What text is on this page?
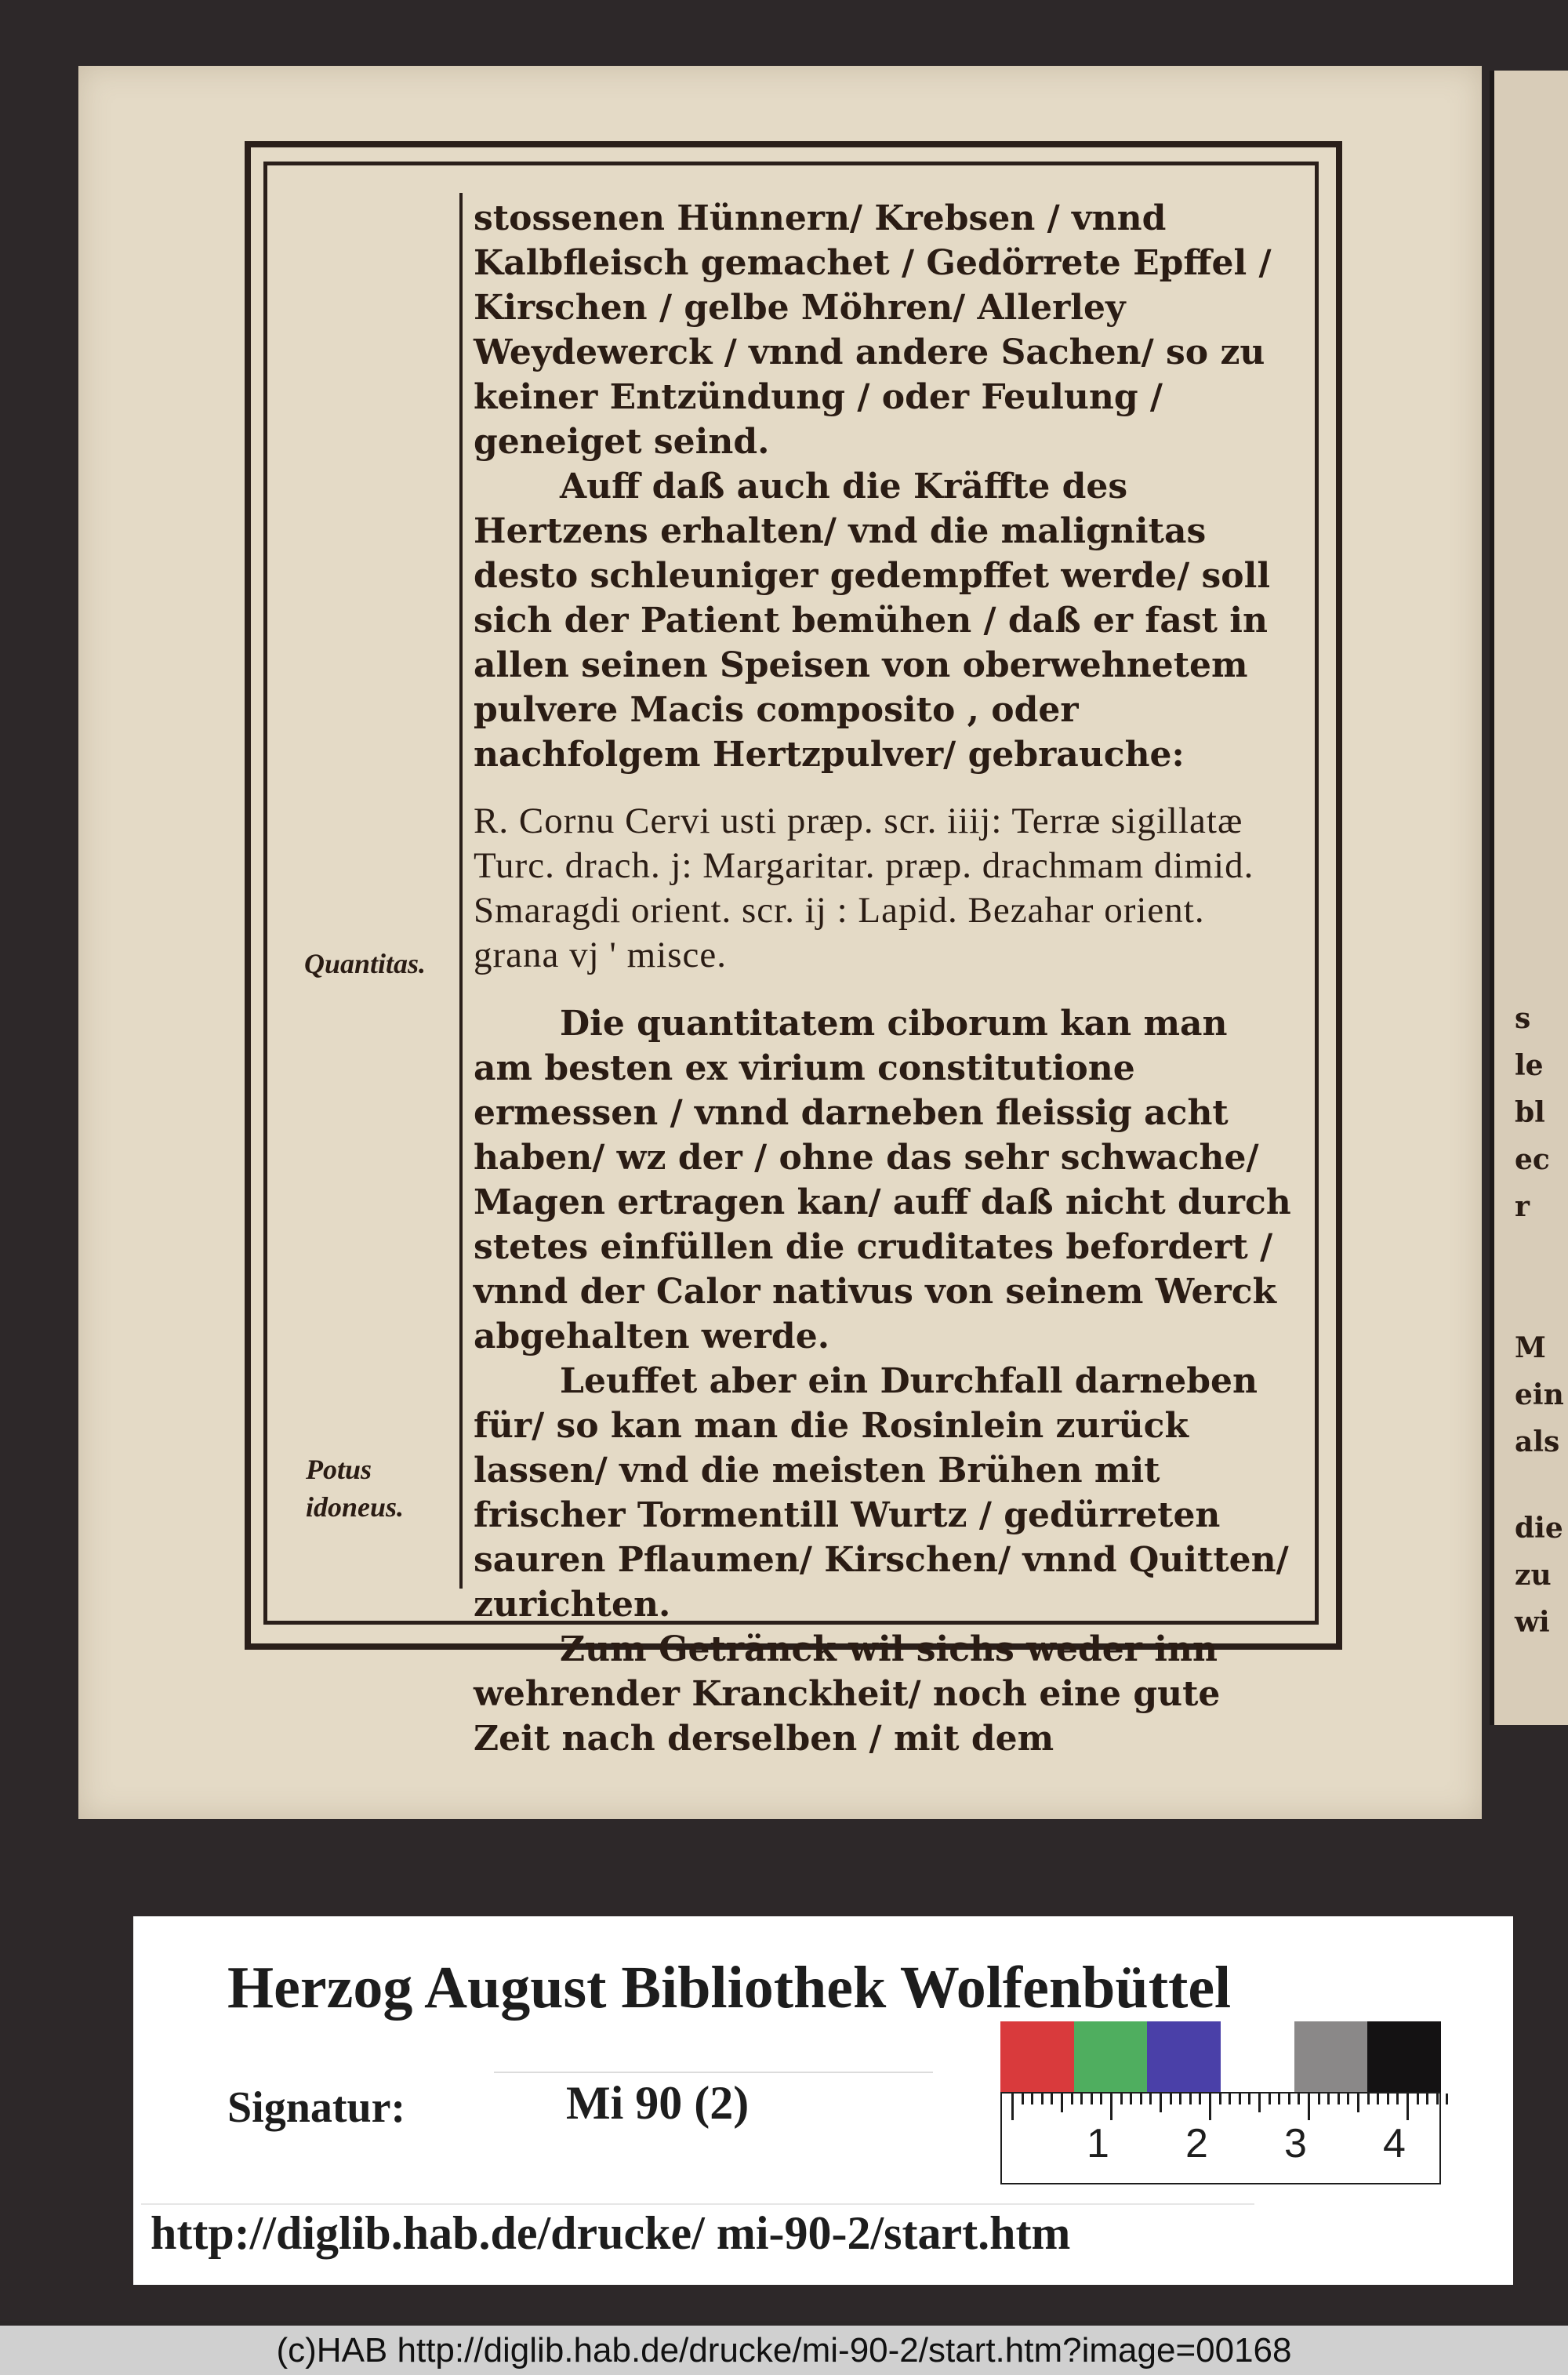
s
le
bl
ec
r
M
ein
als
die
zu
wi
Quantitas.
Potus idoneus.

stossenen Hünnern/ Krebsen / vnnd Kalbfleisch gemachet / Gedörrete Epffel / Kirschen / gelbe Möhren/ Allerley Weydewerck / vnnd andere Sachen/ so zu keiner Entzündung / oder Feulung / geneiget seind.

Auff daß auch die Kräffte des Hertzens erhalten/ vnd die malignitas desto schleuniger gedempffet werde/ soll sich der Patient bemühen / daß er fast in allen seinen Speisen von oberwehnetem pulvere Macis composito , oder nachfolgem Hertzpulver/ gebrauche:

R. Cornu Cervi usti præp. scr. iiij: Terræ sigillatæ Turc. drach. j: Margaritar. præp. drachmam dimid. Smaragdi orient. scr. ij : Lapid. Bezahar orient. grana vj ' misce.

Die quantitatem ciborum kan man am besten ex virium constitutione ermessen / vnnd darneben fleissig acht haben/ wz der / ohne das sehr schwache/ Magen ertragen kan/ auff daß nicht durch stetes einfüllen die cruditates befordert / vnnd der Calor nativus von seinem Werck abgehalten werde.

Leuffet aber ein Durchfall darneben für/ so kan man die Rosinlein zurück lassen/ vnd die meisten Brühen mit frischer Tormentill Wurtz / gedürreten sauren Pflaumen/ Kirschen/ vnnd Quitten/ zurichten.

Zum Getränck wil sichs weder inn wehrender Kranckheit/ noch eine gute Zeit nach derselben / mit dem

Herzog August Bibliothek Wolfenbüttel
Signatur:	Mi 90 (2)
1 2 3 4
http://diglib.hab.de/drucke/ mi-90-2/start.htm
(c)HAB http://diglib.hab.de/drucke/mi-90-2/start.htm?image=00168
